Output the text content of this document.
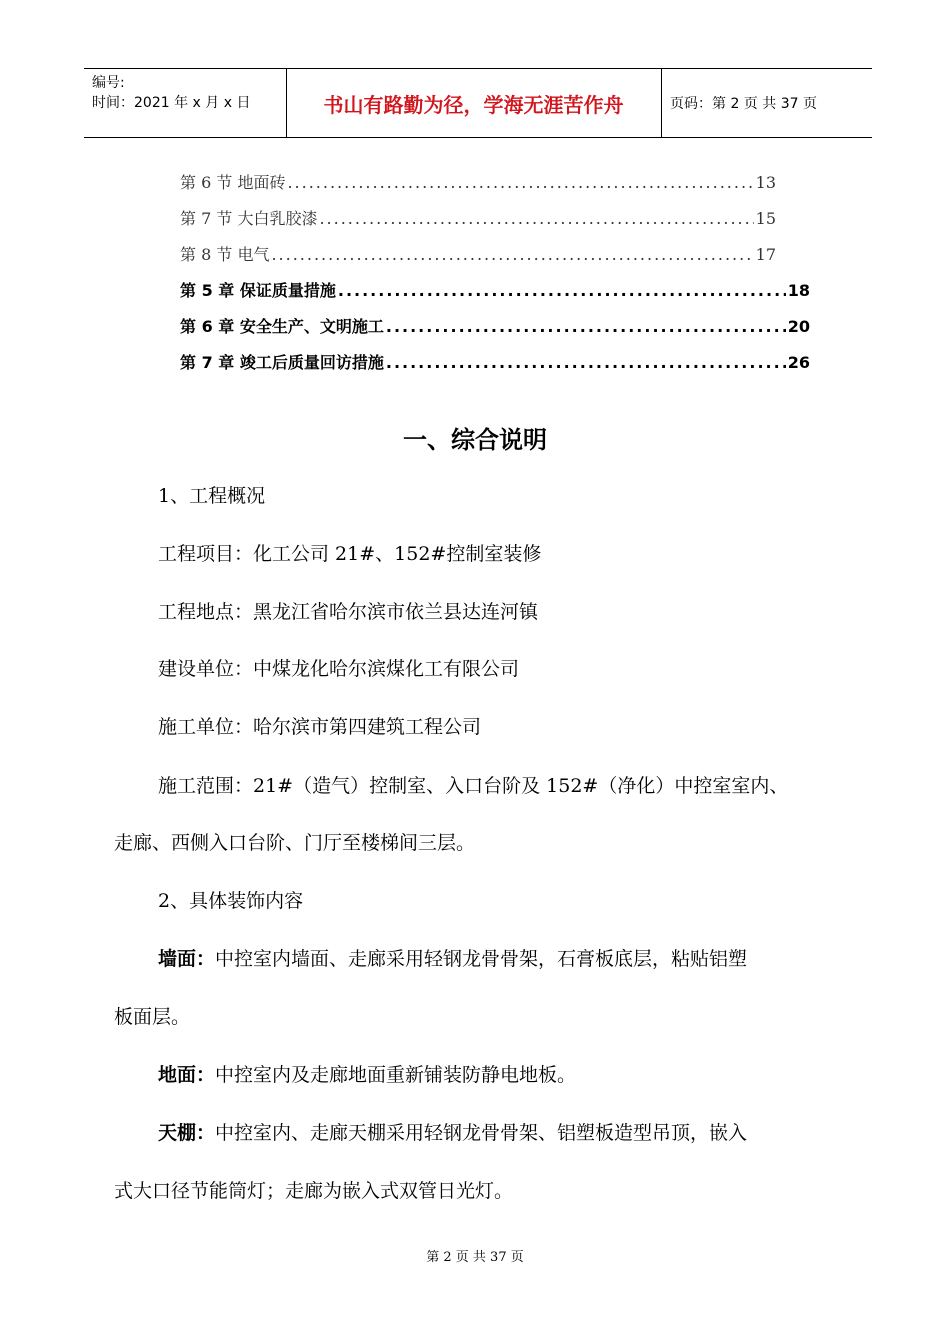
编号:
时间：2021 年 x 月 x 日	书山有路勤为径，学海无涯苦作舟	页码：第 2 页 共 37 页
第 6 节 地面砖 .....	13
第 7 节 大白乳胶漆 .....	15
第 8 节 电气 .....	17
第 5 章 保证质量措施 .....	18
第 6 章 安全生产、文明施工 .....	20
第 7 章 竣工后质量回访措施 .....	26
一、综合说明
1、工程概况
工程项目：化工公司 21#、152#控制室装修
工程地点：黑龙江省哈尔滨市依兰县达连河镇
建设单位：中煤龙化哈尔滨煤化工有限公司
施工单位：哈尔滨市第四建筑工程公司
施工范围：21#（造气）控制室、入口台阶及 152#（净化）中控室室内、
走廊、西侧入口台阶、门厅至楼梯间三层。
2、具体装饰内容
墙面：中控室内墙面、走廊采用轻钢龙骨骨架，石膏板底层，粘贴铝塑
板面层。
地面：中控室内及走廊地面重新铺装防静电地板。
天棚：中控室内、走廊天棚采用轻钢龙骨骨架、铝塑板造型吊顶，嵌入
式大口径节能筒灯；走廊为嵌入式双管日光灯。
第 2 页 共 37 页
